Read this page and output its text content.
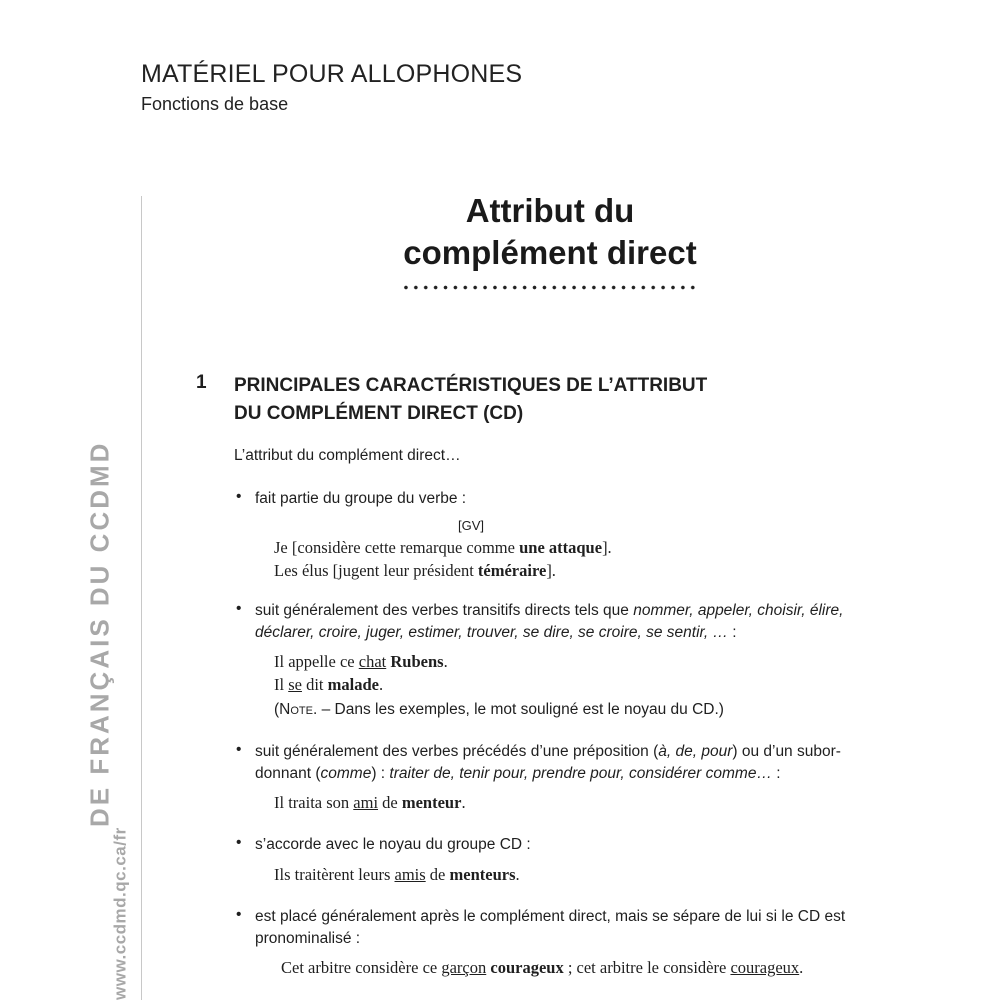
MATÉRIEL POUR ALLOPHONES
Fonctions de base
www.ccdmd.qc.ca/fr
DE FRANÇAIS DU CCDMD
Attribut du
complément direct
1 PRINCIPALES CARACTÉRISTIQUES DE L’ATTRIBUT
DU COMPLÉMENT DIRECT (CD)
L’attribut du complément direct…
• fait partie du groupe du verbe :
[GV]
Je [considère cette remarque comme une attaque].
Les élus [jugent leur président téméraire].
• suit généralement des verbes transitifs directs tels que nommer, appeler, choisir, élire,
déclarer, croire, juger, estimer, trouver, se dire, se croire, se sentir, … :
Il appelle ce chat Rubens.
Il se dit malade.
(Note. – Dans les exemples, le mot souligné est le noyau du CD.)
• suit généralement des verbes précédés d’une préposition (à, de, pour) ou d’un subor-
donnant (comme) : traiter de, tenir pour, prendre pour, considérer comme… :
Il traita son ami de menteur.
• s’accorde avec le noyau du groupe CD :
Ils traitèrent leurs amis de menteurs.
• est placé généralement après le complément direct, mais se sépare de lui si le CD est
pronominalisé :
Cet arbitre considère ce garçon courageux ; cet arbitre le considère courageux.
